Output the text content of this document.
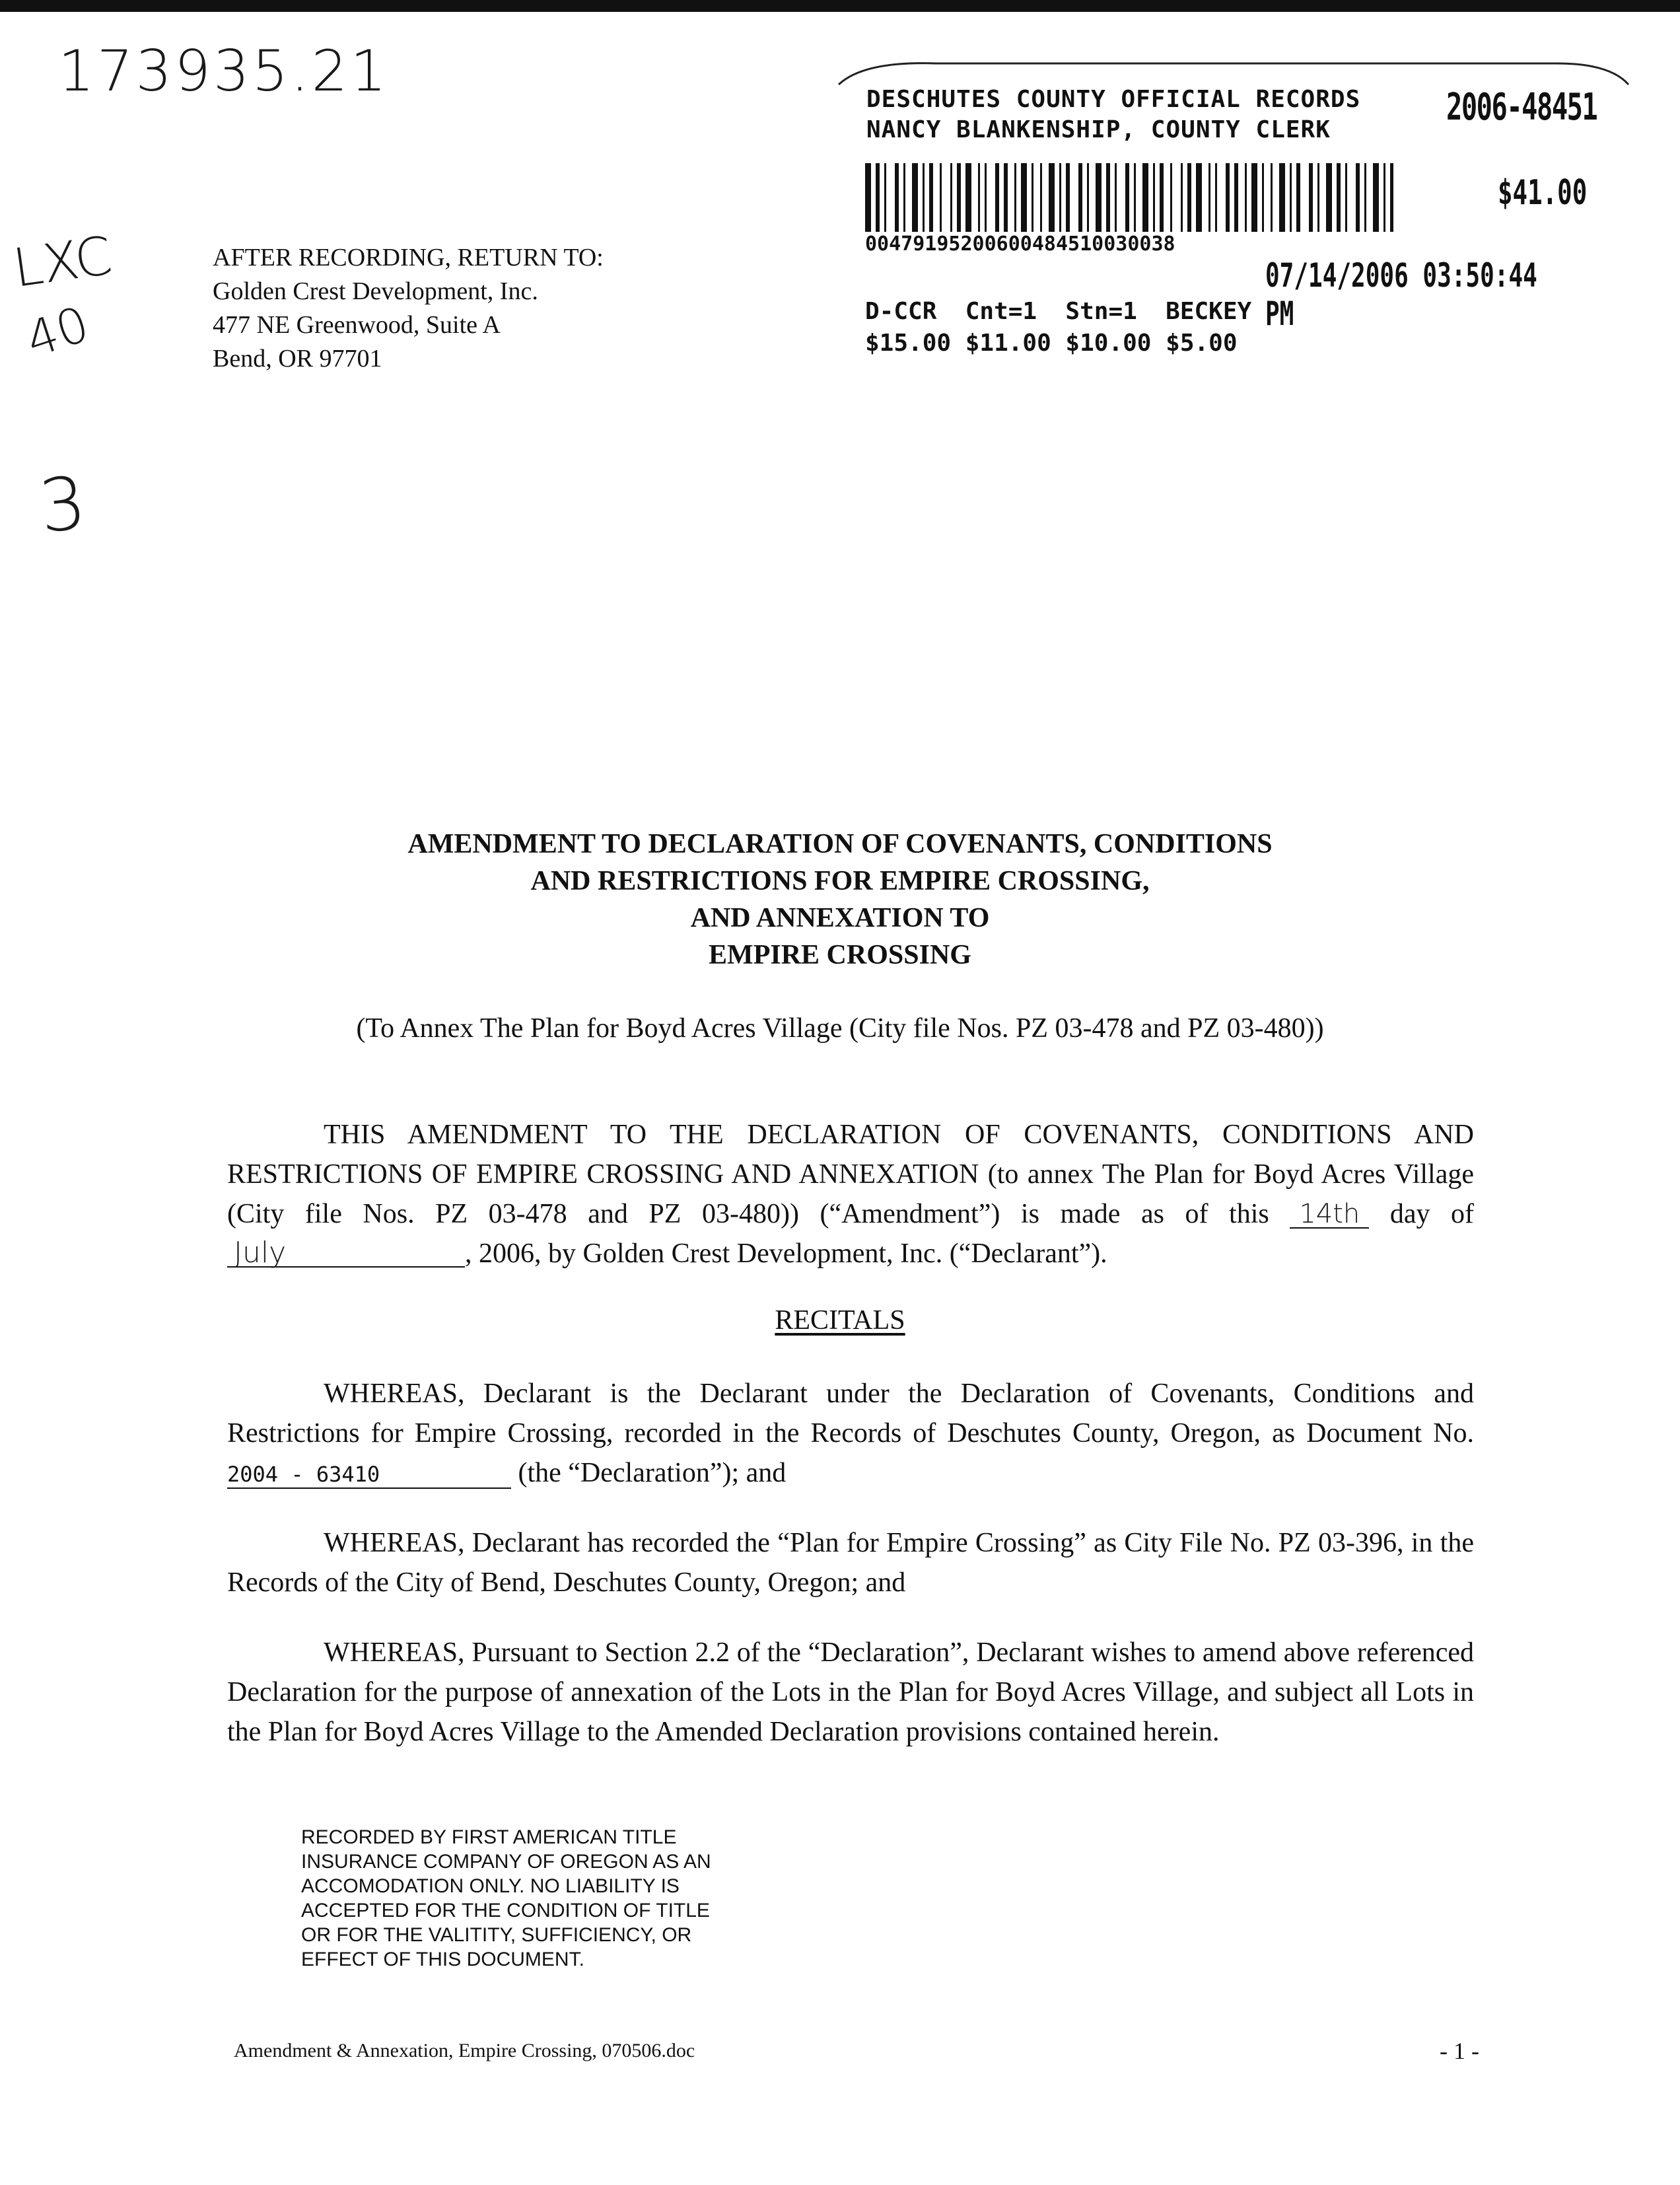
173935.21
LXC
40
3
AFTER RECORDING, RETURN TO:
Golden Crest Development, Inc.
477 NE Greenwood, Suite A
Bend, OR 97701
DESCHUTES COUNTY OFFICIAL RECORDS
NANCY BLANKENSHIP, COUNTY CLERK
2006-48451
$41.00
00479195200600484510030038
07/14/2006 03:50:44 PM
D-CCR  Cnt=1  Stn=1  BECKEY
$15.00 $11.00 $10.00 $5.00
AMENDMENT TO DECLARATION OF COVENANTS, CONDITIONS
AND RESTRICTIONS FOR EMPIRE CROSSING,
AND ANNEXATION TO
EMPIRE CROSSING
(To Annex The Plan for Boyd Acres Village (City file Nos. PZ 03-478 and PZ 03-480))
THIS AMENDMENT TO THE DECLARATION OF COVENANTS, CONDITIONS AND RESTRICTIONS OF EMPIRE CROSSING AND ANNEXATION (to annex The Plan for Boyd Acres Village (City file Nos. PZ 03-478 and PZ 03-480)) (“Amendment”) is made as of this 14th day of July	, 2006, by Golden Crest Development, Inc. (“Declarant”).
RECITALS
WHEREAS, Declarant is the Declarant under the Declaration of Covenants, Conditions and Restrictions for Empire Crossing, recorded in the Records of Deschutes County, Oregon, as Document No. 2004 - 63410	(the “Declaration”); and
WHEREAS, Declarant has recorded the “Plan for Empire Crossing” as City File No. PZ 03-396, in the Records of the City of Bend, Deschutes County, Oregon; and
WHEREAS, Pursuant to Section 2.2 of the “Declaration”, Declarant wishes to amend above referenced Declaration for the purpose of annexation of the Lots in the Plan for Boyd Acres Village, and subject all Lots in the Plan for Boyd Acres Village to the Amended Declaration provisions contained herein.
RECORDED BY FIRST AMERICAN TITLE
INSURANCE COMPANY OF OREGON AS AN
ACCOMODATION ONLY. NO LIABILITY IS
ACCEPTED FOR THE CONDITION OF TITLE
OR FOR THE VALITITY, SUFFICIENCY, OR
EFFECT OF THIS DOCUMENT.
Amendment & Annexation, Empire Crossing, 070506.doc	- 1 -
